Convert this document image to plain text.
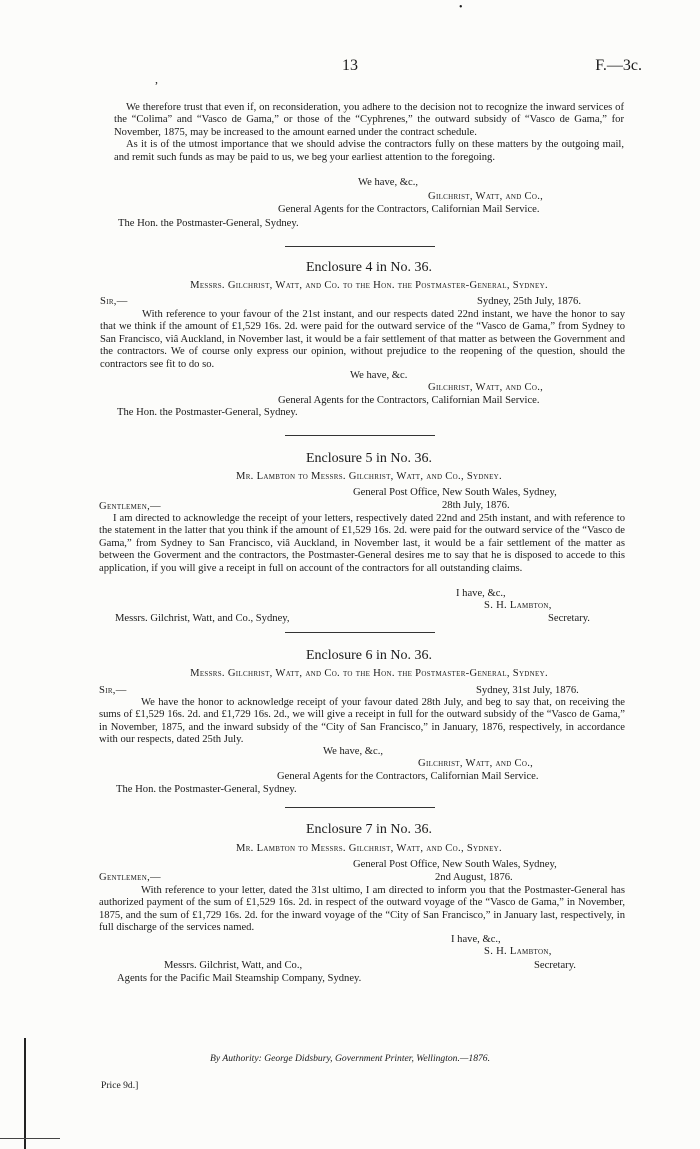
•
13	F.—3c.
,
We therefore trust that even if, on reconsideration, you adhere to the decision not to recognize the inward services of the “Colima” and “Vasco de Gama,” or those of the “Cyphrenes,” the outward subsidy of “Vasco de Gama,” for November, 1875, may be increased to the amount earned under the contract schedule.
As it is of the utmost importance that we should advise the contractors fully on these matters by the outgoing mail, and remit such funds as may be paid to us, we beg your earliest attention to the foregoing.
We have, &c.,
Gilchrist, Watt, and Co.,
General Agents for the Contractors, Californian Mail Service.
The Hon. the Postmaster-General, Sydney.
Enclosure 4 in No. 36.
Messrs. Gilchrist, Watt, and Co. to the Hon. the Postmaster-General, Sydney.
Sir,—	Sydney, 25th July, 1876.
With reference to your favour of the 21st instant, and our respects dated 22nd instant, we have the honor to say that we think if the amount of £1,529 16s. 2d. were paid for the outward service of the “Vasco de Gama,” from Sydney to San Francisco, viâ Auckland, in November last, it would be a fair settlement of that matter as between the Government and the contractors. We of course only express our opinion, without prejudice to the reopening of the question, should the contractors see fit to do so.
We have, &c.
Gilchrist, Watt, and Co.,
General Agents for the Contractors, Californian Mail Service.
The Hon. the Postmaster-General, Sydney.
Enclosure 5 in No. 36.
Mr. Lambton to Messrs. Gilchrist, Watt, and Co., Sydney.
General Post Office, New South Wales, Sydney,
Gentlemen,—	28th July, 1876.
I am directed to acknowledge the receipt of your letters, respectively dated 22nd and 25th instant, and with reference to the statement in the latter that you think if the amount of £1,529 16s. 2d. were paid for the outward service of the “Vasco de Gama,” from Sydney to San Francisco, viâ Auckland, in November last, it would be a fair settlement of the matter as between the Goverment and the contractors, the Postmaster-General desires me to say that he is disposed to accede to this application, if you will give a receipt in full on account of the contractors for all outstanding claims.
I have, &c.,
S. H. Lambton,
Messrs. Gilchrist, Watt, and Co., Sydney,	Secretary.
Enclosure 6 in No. 36.
Messrs. Gilchrist, Watt, and Co. to the Hon. the Postmaster-General, Sydney.
Sir,—	Sydney, 31st July, 1876.
We have the honor to acknowledge receipt of your favour dated 28th July, and beg to say that, on receiving the sums of £1,529 16s. 2d. and £1,729 16s. 2d., we will give a receipt in full for the outward subsidy of the “Vasco de Gama,” in November, 1875, and the inward subsidy of the “City of San Francisco,” in January, 1876, respectively, in accordance with our respects, dated 25th July.
We have, &c.,
Gilchrist, Watt, and Co.,
General Agents for the Contractors, Californian Mail Service.
The Hon. the Postmaster-General, Sydney.
Enclosure 7 in No. 36.
Mr. Lambton to Messrs. Gilchrist, Watt, and Co., Sydney.
General Post Office, New South Wales, Sydney,
Gentlemen,—	2nd August, 1876.
With reference to your letter, dated the 31st ultimo, I am directed to inform you that the Postmaster-General has authorized payment of the sum of £1,529 16s. 2d. in respect of the outward voyage of the “Vasco de Gama,” in November, 1875, and the sum of £1,729 16s. 2d. for the inward voyage of the “City of San Francisco,” in January last, respectively, in full discharge of the services named.
I have, &c.,
S. H. Lambton,
Messrs. Gilchrist, Watt, and Co.,	Secretary.
Agents for the Pacific Mail Steamship Company, Sydney.
By Authority: George Didsbury, Government Printer, Wellington.—1876.
Price 9d.]
